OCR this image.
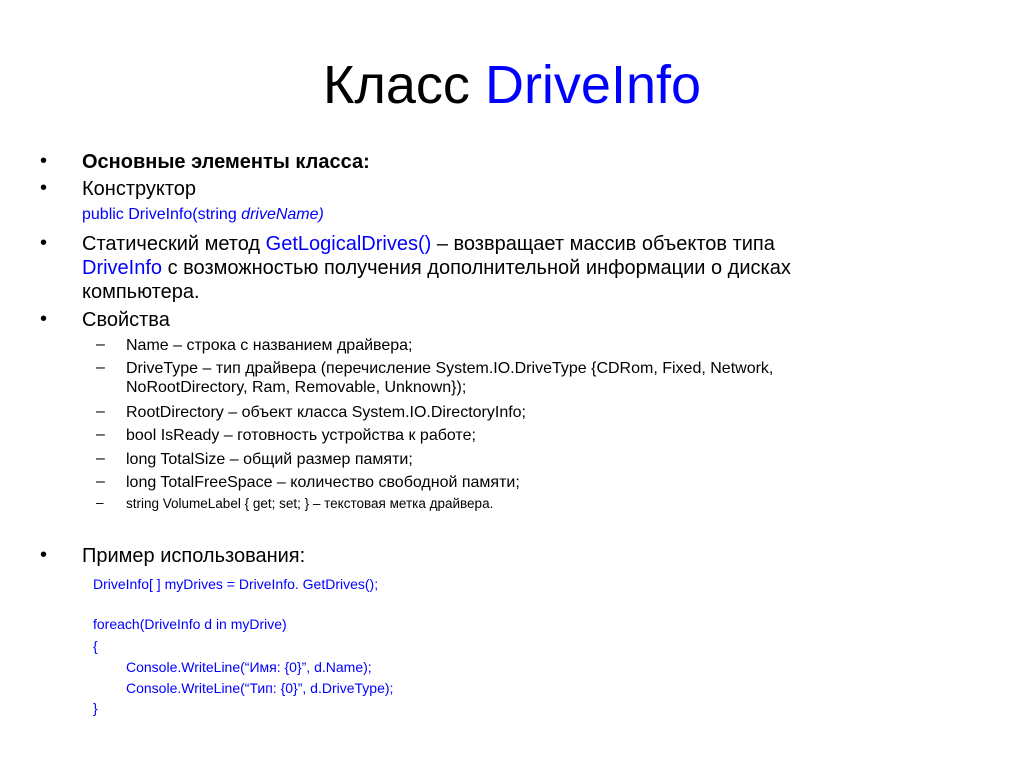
Класс DriveInfo
• Основные элементы класса:
• Конструктор
public DriveInfo(string driveName)
• Статический метод GetLogicalDrives() – возвращает массив объектов типа
DriveInfo с возможностью получения дополнительной информации о дисках
компьютера.
• Свойства
– Name – строка с названием драйвера;
– DriveType – тип драйвера (перечисление System.IO.DriveType {CDRom, Fixed, Network,
NoRootDirectory, Ram, Removable, Unknown});
– RootDirectory – объект класса System.IO.DirectoryInfo;
– bool IsReady – готовность устройства к работе;
– long TotalSize – общий размер памяти;
– long TotalFreeSpace – количество свободной памяти;
– string VolumeLabel { get; set; } – текстовая метка драйвера.
• Пример использования:
DriveInfo[ ] myDrives = DriveInfo. GetDrives();
foreach(DriveInfo d in myDrive)
{
Console.WriteLine(“Имя: {0}”, d.Name);
Console.WriteLine(“Тип: {0}”, d.DriveType);
}
